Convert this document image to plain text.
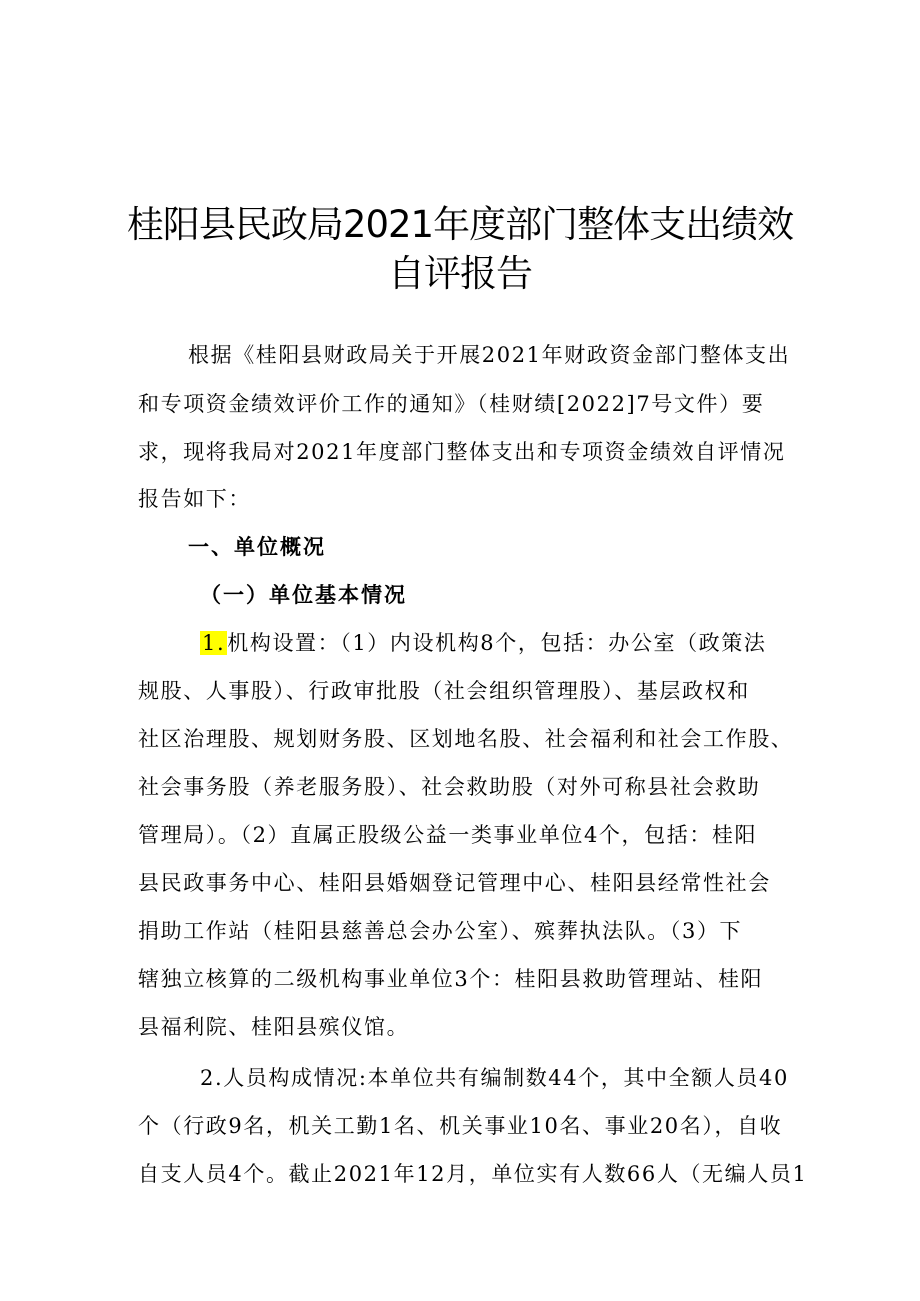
桂阳县民政局2021年度部门整体支出绩效
自评报告
根据《桂阳县财政局关于开展2021年财政资金部门整体支出
和专项资金绩效评价工作的通知》（桂财绩[2022]7号文件）要
求，现将我局对2021年度部门整体支出和专项资金绩效自评情况
报告如下：
一、单位概况
（一）单位基本情况
1.机构设置：（1）内设机构8个，包括：办公室（政策法
规股、人事股）、行政审批股（社会组织管理股）、基层政权和
社区治理股、规划财务股、区划地名股、社会福利和社会工作股、
社会事务股（养老服务股）、社会救助股（对外可称县社会救助
管理局）。（2）直属正股级公益一类事业单位4个，包括：桂阳
县民政事务中心、桂阳县婚姻登记管理中心、桂阳县经常性社会
捐助工作站（桂阳县慈善总会办公室）、殡葬执法队。（3）下
辖独立核算的二级机构事业单位3个：桂阳县救助管理站、桂阳
县福利院、桂阳县殡仪馆。
2.人员构成情况:本单位共有编制数44个，其中全额人员40
个（行政9名，机关工勤1名、机关事业10名、事业20名），自收
自支人员4个。截止2021年12月，单位实有人数66人（无编人员1
